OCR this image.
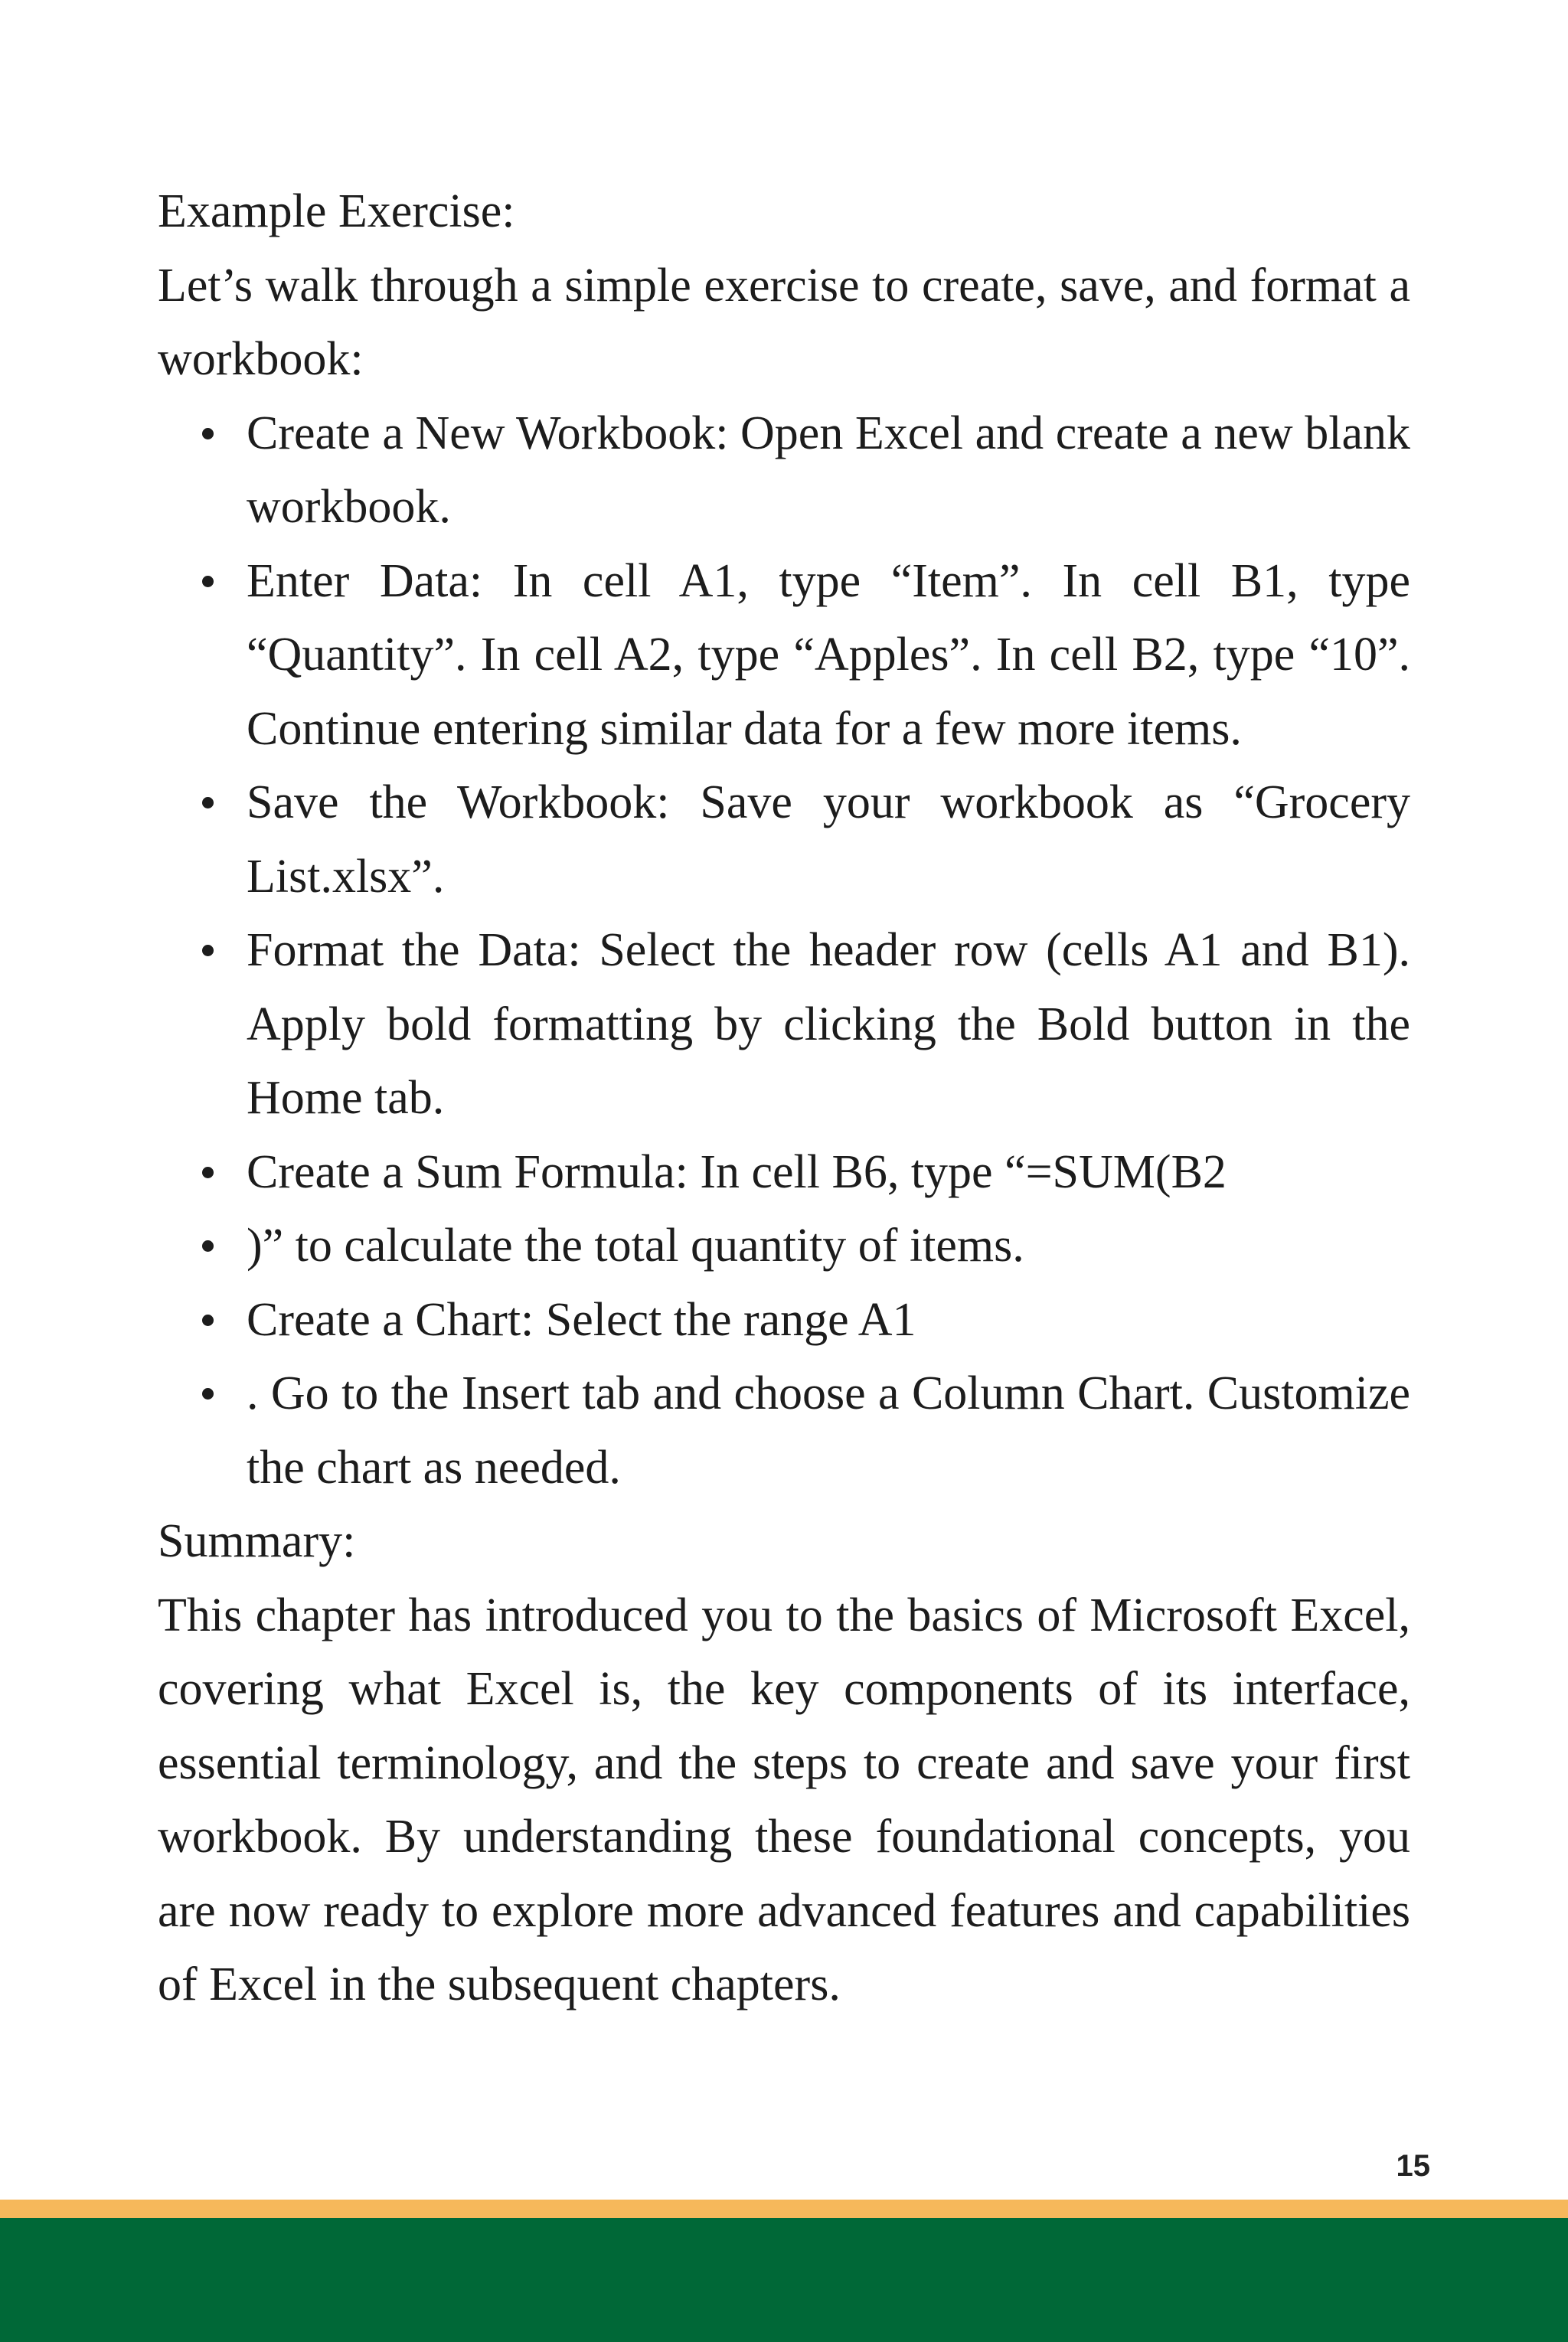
Example Exercise:

Let’s walk through a simple exercise to create, save, and format a workbook:

Create a New Workbook: Open Excel and create a new blank workbook.
Enter Data: In cell A1, type “Item”. In cell B1, type “Quantity”. In cell A2, type “Apples”. In cell B2, type “10”. Continue entering similar data for a few more items.
Save the Workbook: Save your workbook as “Grocery List.xlsx”.
Format the Data: Select the header row (cells A1 and B1). Apply bold formatting by clicking the Bold button in the Home tab.
Create a Sum Formula: In cell B6, type “=SUM(B2
)” to calculate the total quantity of items.
Create a Chart: Select the range A1
. Go to the Insert tab and choose a Column Chart. Customize the chart as needed.

Summary:

This chapter has introduced you to the basics of Microsoft Excel, covering what Excel is, the key components of its interface, essential terminology, and the steps to create and save your first workbook. By understanding these foundational concepts, you are now ready to explore more advanced features and capabilities of Excel in the subsequent chapters.

15
